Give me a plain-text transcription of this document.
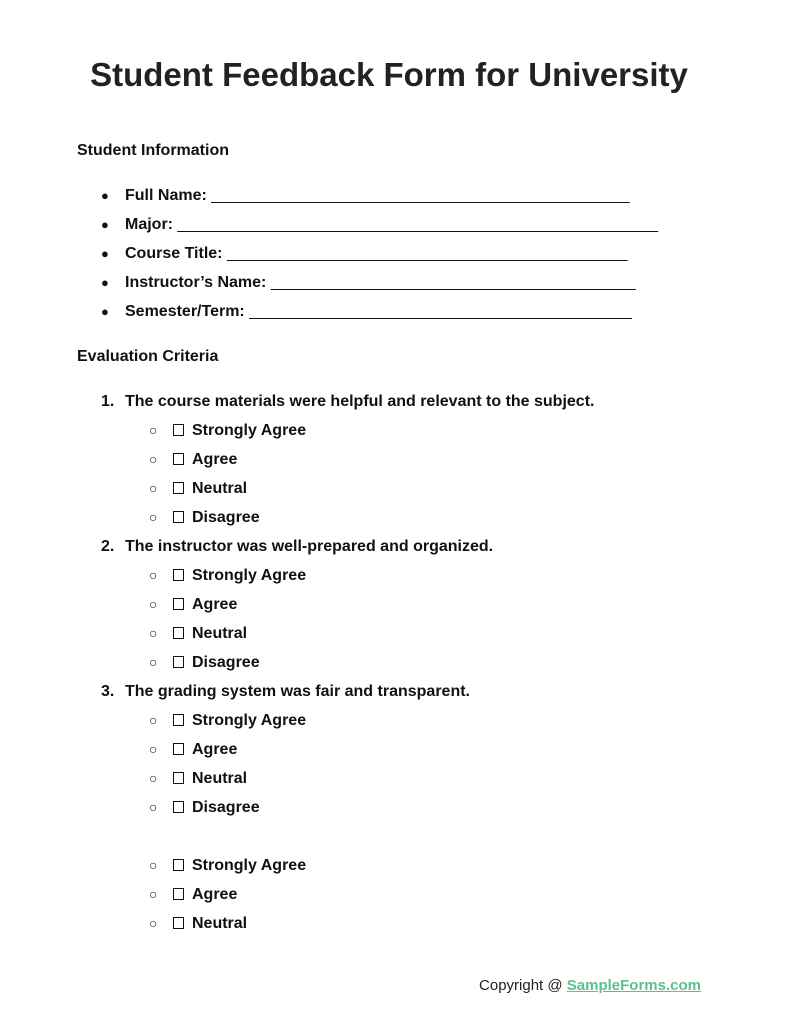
Student Feedback Form for University
Student Information
Evaluation Criteria
Copyright @ SampleForms.com
● Full Name: _______________________________________________
● Major: ______________________________________________________
● Course Title: _____________________________________________
● Instructor’s Name: _________________________________________
● Semester/Term: ___________________________________________
1. The course materials were helpful and relevant to the subject.
○ Strongly Agree
○ Agree
○ Neutral
○ Disagree
2. The instructor was well-prepared and organized.
○ Strongly Agree
○ Agree
○ Neutral
○ Disagree
3. The grading system was fair and transparent.
○ Strongly Agree
○ Agree
○ Neutral
○ Disagree
○ Strongly Agree
○ Agree
○ Neutral
